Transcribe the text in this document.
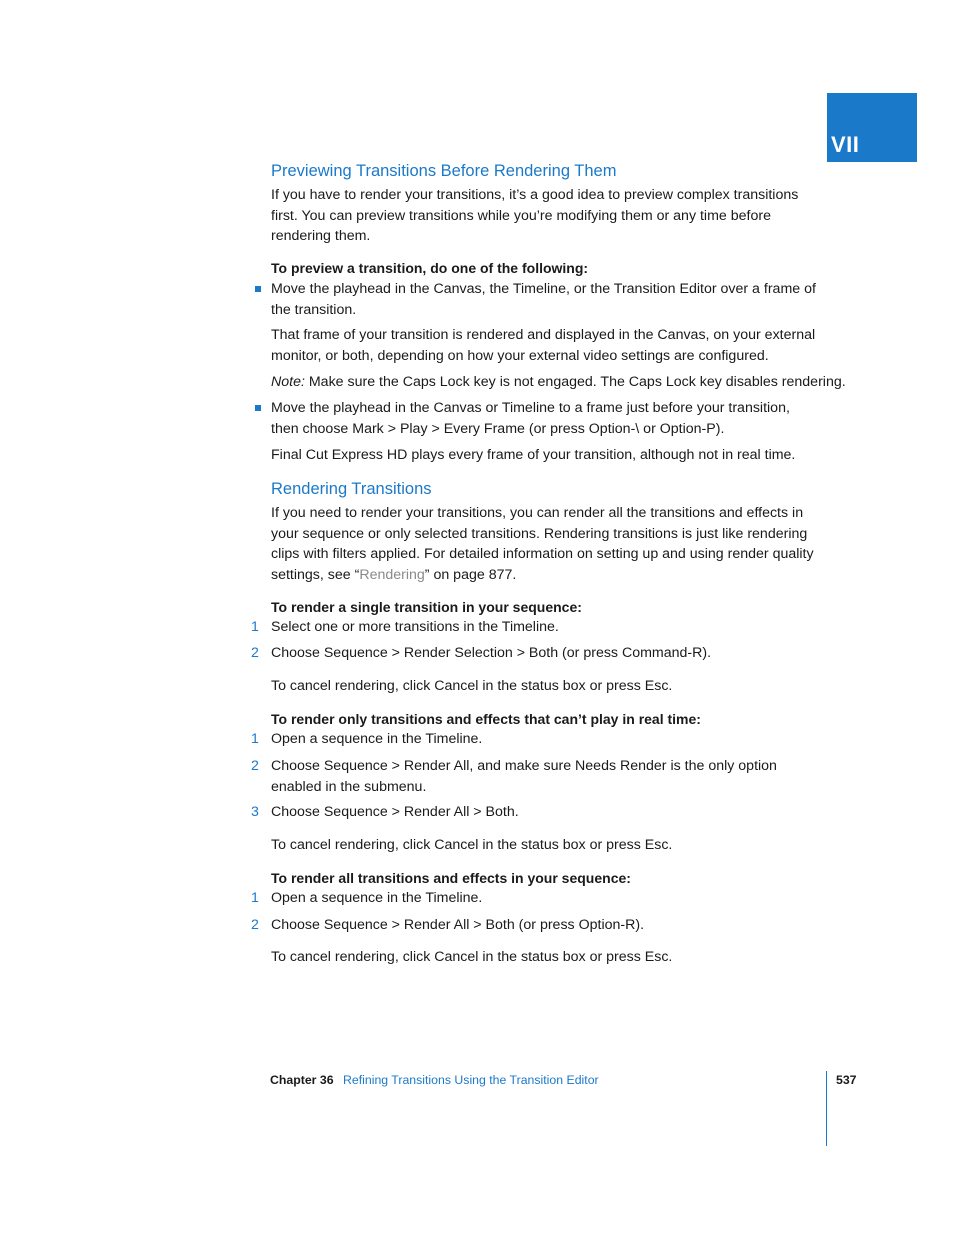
VII
Previewing Transitions Before Rendering Them
If you have to render your transitions, it’s a good idea to preview complex transitions first. You can preview transitions while you’re modifying them or any time before rendering them.
To preview a transition, do one of the following:
Move the playhead in the Canvas, the Timeline, or the Transition Editor over a frame of the transition.
That frame of your transition is rendered and displayed in the Canvas, on your external monitor, or both, depending on how your external video settings are configured.
Note: Make sure the Caps Lock key is not engaged. The Caps Lock key disables rendering.
Move the playhead in the Canvas or Timeline to a frame just before your transition, then choose Mark > Play > Every Frame (or press Option-\ or Option-P).
Final Cut Express HD plays every frame of your transition, although not in real time.
Rendering Transitions
If you need to render your transitions, you can render all the transitions and effects in your sequence or only selected transitions. Rendering transitions is just like rendering clips with filters applied. For detailed information on setting up and using render quality settings, see “Rendering” on page 877.
To render a single transition in your sequence:
1 Select one or more transitions in the Timeline.
2 Choose Sequence > Render Selection > Both (or press Command-R).
To cancel rendering, click Cancel in the status box or press Esc.
To render only transitions and effects that can’t play in real time:
1 Open a sequence in the Timeline.
2 Choose Sequence > Render All, and make sure Needs Render is the only option enabled in the submenu.
3 Choose Sequence > Render All > Both.
To cancel rendering, click Cancel in the status box or press Esc.
To render all transitions and effects in your sequence:
1 Open a sequence in the Timeline.
2 Choose Sequence > Render All > Both (or press Option-R).
To cancel rendering, click Cancel in the status box or press Esc.
Chapter 36 Refining Transitions Using the Transition Editor	537
